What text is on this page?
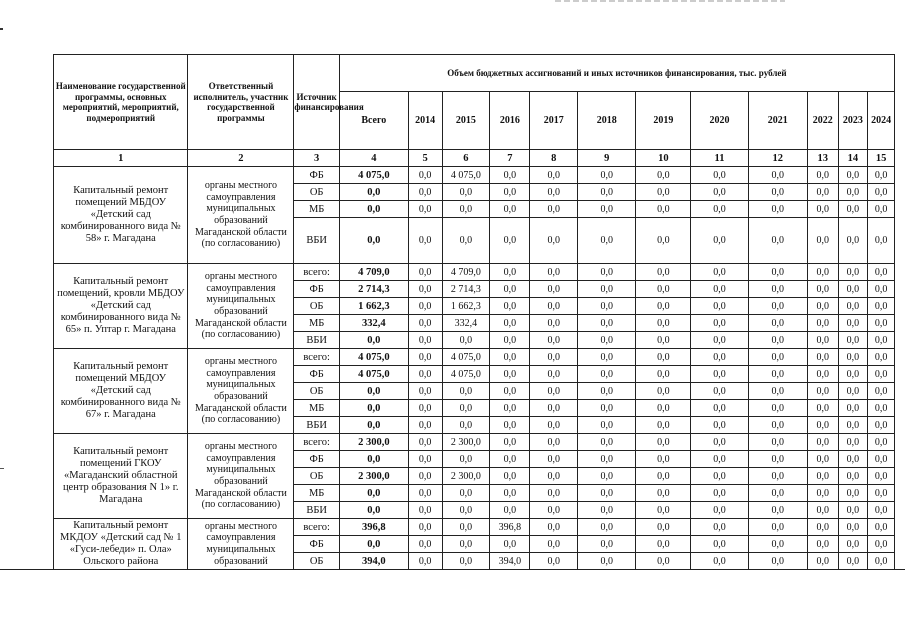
Наименование государственной программы, основных мероприятий, мероприятий, подмероприятий	Ответственный исполнитель, участник государственной программы	Источник финансирования	Объем бюджетных ассигнований и иных источников финансирования, тыс. рублей											
			Всего	2014	2015	2016	2017	2018	2019	2020	2021	2022	2023	2024
1	2	3	4	5	6	7	8	9	10	11	12	13	14	15
Капитальный ремонт помещений МБДОУ «Детский сад комбинированного вида № 58» г. Магадана	органы местного самоуправления муниципальных образований Магаданской области (по согласованию)	ФБ	4 075,0	0,0	4 075,0	0,0	0,0	0,0	0,0	0,0	0,0	0,0	0,0	0,0
		ОБ	0,0	0,0	0,0	0,0	0,0	0,0	0,0	0,0	0,0	0,0	0,0	0,0
		МБ	0,0	0,0	0,0	0,0	0,0	0,0	0,0	0,0	0,0	0,0	0,0	0,0
		ВБИ	0,0	0,0	0,0	0,0	0,0	0,0	0,0	0,0	0,0	0,0	0,0	0,0
Капитальный ремонт помещений, кровли МБДОУ «Детский сад комбинированного вида № 65» п. Уптар г. Магадана	органы местного самоуправления муниципальных образований Магаданской области (по согласованию)	всего:	4 709,0	0,0	4 709,0	0,0	0,0	0,0	0,0	0,0	0,0	0,0	0,0	0,0
		ФБ	2 714,3	0,0	2 714,3	0,0	0,0	0,0	0,0	0,0	0,0	0,0	0,0	0,0
		ОБ	1 662,3	0,0	1 662,3	0,0	0,0	0,0	0,0	0,0	0,0	0,0	0,0	0,0
		МБ	332,4	0,0	332,4	0,0	0,0	0,0	0,0	0,0	0,0	0,0	0,0	0,0
		ВБИ	0,0	0,0	0,0	0,0	0,0	0,0	0,0	0,0	0,0	0,0	0,0	0,0
Капитальный ремонт помещений МБДОУ «Детский сад комбинированного вида № 67» г. Магадана	органы местного самоуправления муниципальных образований Магаданской области (по согласованию)	всего:	4 075,0	0,0	4 075,0	0,0	0,0	0,0	0,0	0,0	0,0	0,0	0,0	0,0
		ФБ	4 075,0	0,0	4 075,0	0,0	0,0	0,0	0,0	0,0	0,0	0,0	0,0	0,0
		ОБ	0,0	0,0	0,0	0,0	0,0	0,0	0,0	0,0	0,0	0,0	0,0	0,0
		МБ	0,0	0,0	0,0	0,0	0,0	0,0	0,0	0,0	0,0	0,0	0,0	0,0
		ВБИ	0,0	0,0	0,0	0,0	0,0	0,0	0,0	0,0	0,0	0,0	0,0	0,0
Капитальный ремонт помещений ГКОУ «Магаданский областной центр образования N 1» г. Магадана	органы местного самоуправления муниципальных образований Магаданской области (по согласованию)	всего:	2 300,0	0,0	2 300,0	0,0	0,0	0,0	0,0	0,0	0,0	0,0	0,0	0,0
		ФБ	0,0	0,0	0,0	0,0	0,0	0,0	0,0	0,0	0,0	0,0	0,0	0,0
		ОБ	2 300,0	0,0	2 300,0	0,0	0,0	0,0	0,0	0,0	0,0	0,0	0,0	0,0
		МБ	0,0	0,0	0,0	0,0	0,0	0,0	0,0	0,0	0,0	0,0	0,0	0,0
		ВБИ	0,0	0,0	0,0	0,0	0,0	0,0	0,0	0,0	0,0	0,0	0,0	0,0
Капитальный ремонт МКДОУ «Детский сад № 1 «Гуси-лебеди» п. Ола» Ольского района	органы местного самоуправления муниципальных образований	всего:	396,8	0,0	0,0	396,8	0,0	0,0	0,0	0,0	0,0	0,0	0,0	0,0
		ФБ	0,0	0,0	0,0	0,0	0,0	0,0	0,0	0,0	0,0	0,0	0,0	0,0
		ОБ	394,0	0,0	0,0	394,0	0,0	0,0	0,0	0,0	0,0	0,0	0,0	0,0
